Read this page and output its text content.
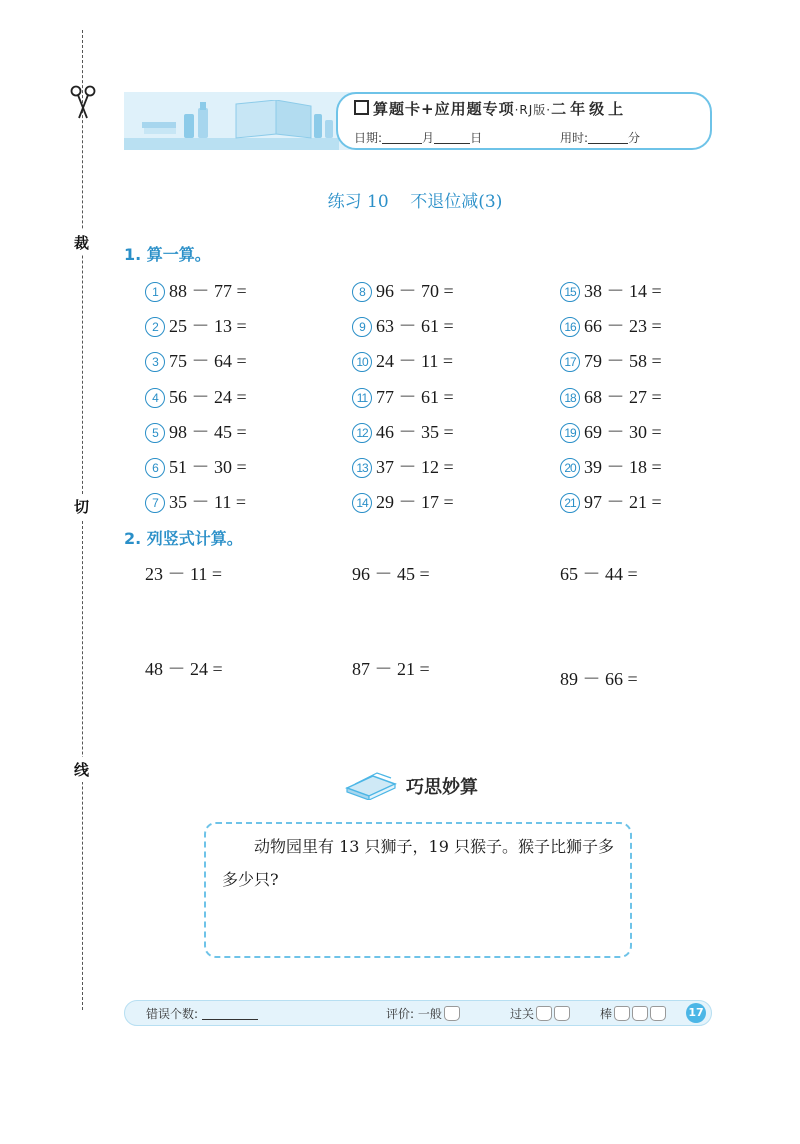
裁
切
线
算题卡+应用题专项·RJ版·二年级上
日期:	月	日	用时:	分
练习 10    不退位减(3)
1. 算一算。
1 88 － 77 =
2 25 － 13 =
3 75 － 64 =
4 56 － 24 =
5 98 － 45 =
6 51 － 30 =
7 35 － 11 =
8 96 － 70 =
9 63 － 61 =
10 24 － 11 =
11 77 － 61 =
12 46 － 35 =
13 37 － 12 =
14 29 － 17 =
15 38 － 14 =
16 66 － 23 =
17 79 － 58 =
18 68 － 27 =
19 69 － 30 =
20 39 － 18 =
21 97 － 21 =
2. 列竖式计算。
23 － 11 =	96 － 45 =	65 － 44 =
48 － 24 =	87 － 21 =	89 － 66 =
巧思妙算
动物园里有 13 只狮子，19 只猴子。猴子比狮子多多少只?
错误个数:	评价: 一般	过关	棒	17
